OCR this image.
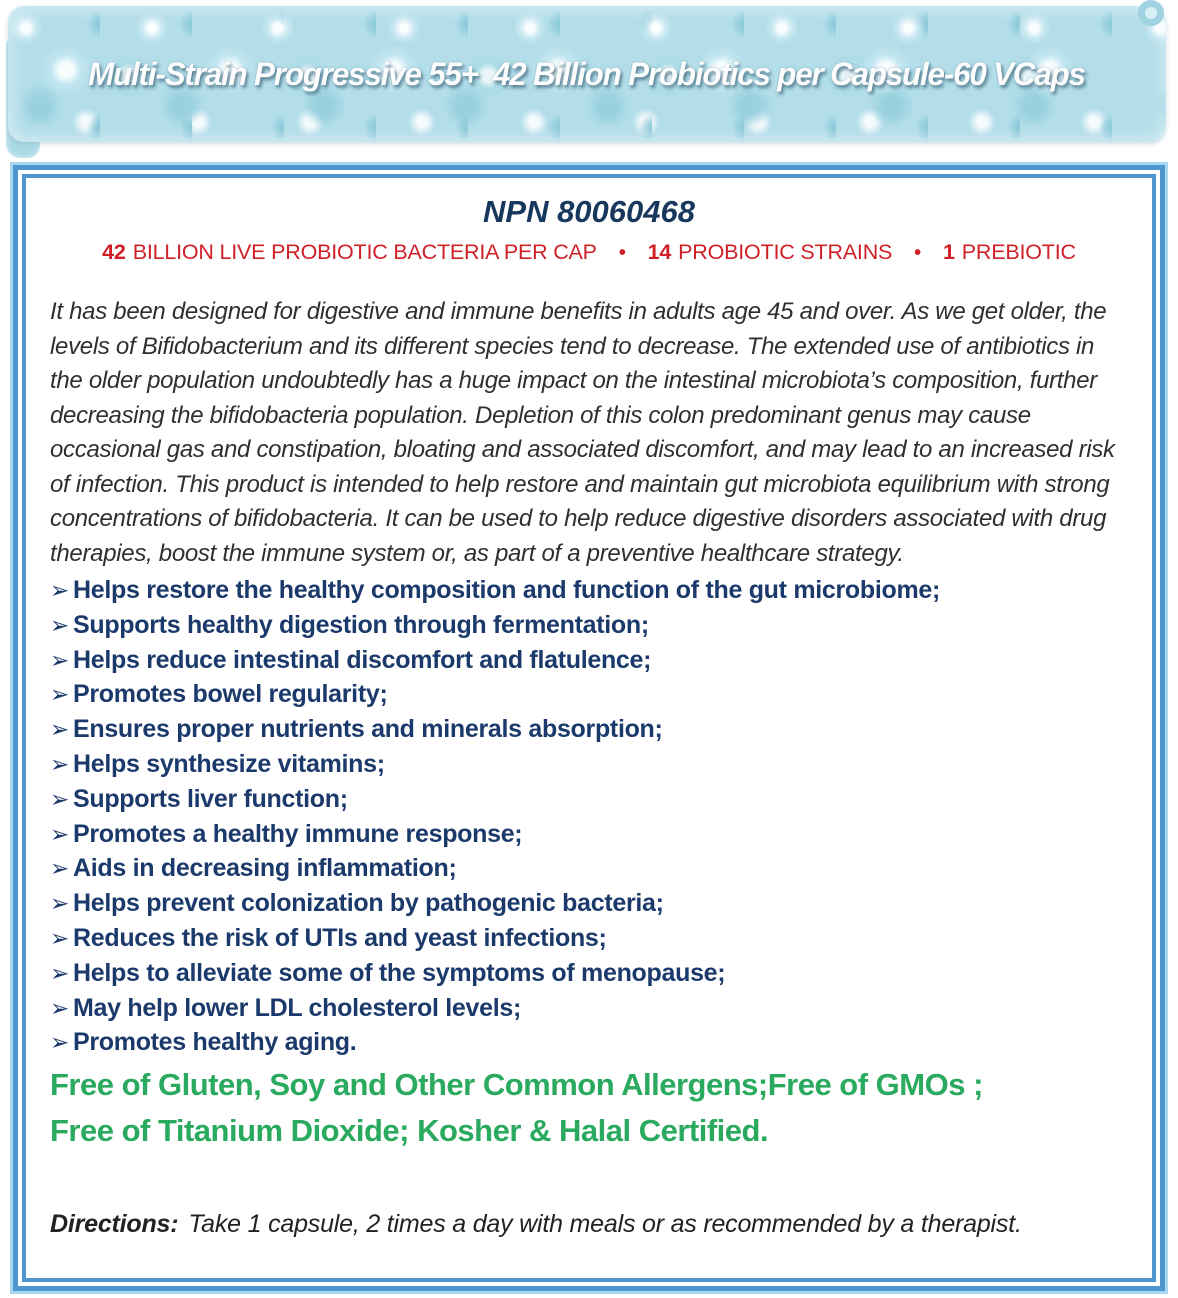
Multi-Strain Progressive 55+  42 Billion Probiotics per Capsule-60 VCaps
NPN 80060468
42 BILLION LIVE PROBIOTIC BACTERIA PER CAP • 14 PROBIOTIC STRAINS • 1 PREBIOTIC

It has been designed for digestive and immune benefits in adults age 45 and over. As we get older, the levels of Bifidobacterium and its different species tend to decrease. The extended use of antibiotics in the older population undoubtedly has a huge impact on the intestinal microbiota’s composition, further decreasing the bifidobacteria population. Depletion of this colon predominant genus may cause occasional gas and constipation, bloating and associated discomfort, and may lead to an increased risk of infection. This product is intended to help restore and maintain gut microbiota equilibrium with strong concentrations of bifidobacteria. It can be used to help reduce digestive disorders associated with drug therapies, boost the immune system or, as part of a preventive healthcare strategy.

➢ Helps restore the healthy composition and function of the gut microbiome;
➢ Supports healthy digestion through fermentation;
➢ Helps reduce intestinal discomfort and flatulence;
➢ Promotes bowel regularity;
➢ Ensures proper nutrients and minerals absorption;
➢ Helps synthesize vitamins;
➢ Supports liver function;
➢ Promotes a healthy immune response;
➢ Aids in decreasing inflammation;
➢ Helps prevent colonization by pathogenic bacteria;
➢ Reduces the risk of UTIs and yeast infections;
➢ Helps to alleviate some of the symptoms of menopause;
➢ May help lower LDL cholesterol levels;
➢ Promotes healthy aging.
Free of Gluten, Soy and Other Common Allergens;Free of GMOs ;
Free of Titanium Dioxide; Kosher & Halal Certified.

Directions: Take 1 capsule, 2 times a day with meals or as recommended by a therapist.
